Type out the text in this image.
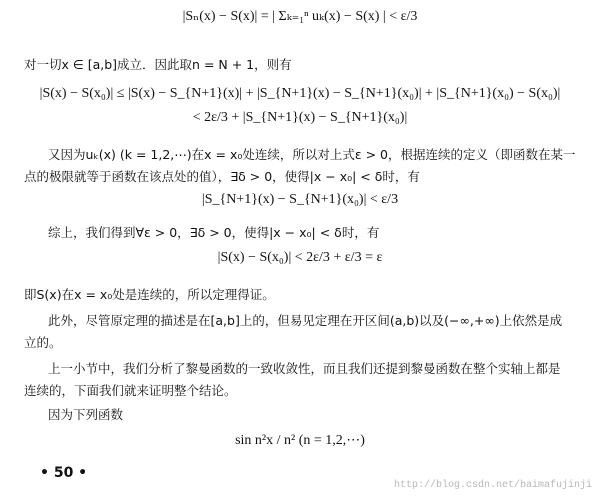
|Sₙ(x) − S(x)| = | Σₖ₌₁ⁿ uₖ(x) − S(x) | < ε/3
对一切x ∈ [a,b]成立．因此取n = N + 1，则有
|S(x) − S(x₀)| ≤ |S(x) − S_{N+1}(x)| + |S_{N+1}(x) − S_{N+1}(x₀)| + |S_{N+1}(x₀) − S(x₀)|
< 2ε/3 + |S_{N+1}(x) − S_{N+1}(x₀)|
又因为uₖ(x) (k = 1,2,⋯)在x = x₀处连续，所以对上式ε > 0，根据连续的定义（即函数在某一
点的极限就等于函数在该点处的值），∃δ > 0，使得|x − x₀| < δ时，有
|S_{N+1}(x) − S_{N+1}(x₀)| < ε/3
综上，我们得到∀ε > 0，∃δ > 0，使得|x − x₀| < δ时，有
|S(x) − S(x₀)| < 2ε/3 + ε/3 = ε
即S(x)在x = x₀处是连续的，所以定理得证。
此外，尽管原定理的描述是在[a,b]上的，但易见定理在开区间(a,b)以及(−∞,+∞)上依然是成
立的。
上一小节中，我们分析了黎曼函数的一致收敛性，而且我们还提到黎曼函数在整个实轴上都是
连续的，下面我们就来证明整个结论。
因为下列函数
sin n²x / n² (n = 1,2,⋯)
• 50 •
http://blog.csdn.net/baimafujinji
